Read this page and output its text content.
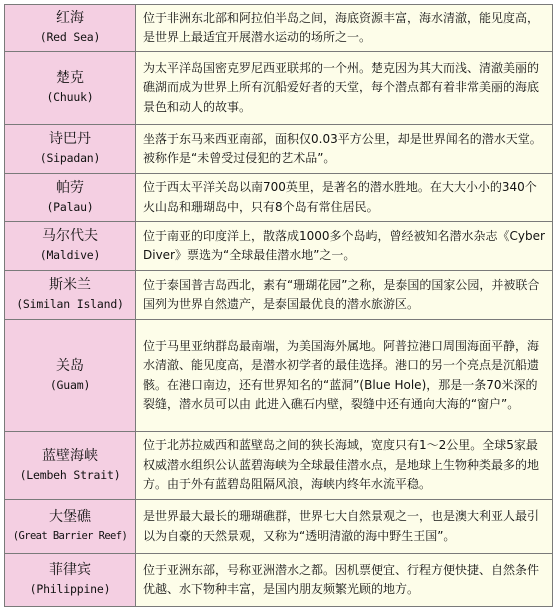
红海
(Red Sea)	位于非洲东北部和阿拉伯半岛之间，海底资源丰富，海水清澈，能见度高，是世界上最适宜开展潜水运动的场所之一。

楚克
(Chuuk)	为太平洋岛国密克罗尼西亚联邦的一个州。楚克因为其大而浅、清澈美丽的礁湖而成为世界上所有沉船爱好者的天堂，每个潜点都有着非常美丽的海底景色和动人的故事。

诗巴丹
(Sipadan)	坐落于东马来西亚南部，面积仅0.03平方公里，却是世界闻名的潜水天堂。被称作是“未曾受过侵犯的艺术品”。

帕劳
(Palau)	位于西太平洋关岛以南700英里，是著名的潜水胜地。在大大小小的340个火山岛和珊瑚岛中，只有8个岛有常住居民。

马尔代夫
(Maldive)	位于南亚的印度洋上，散落成1000多个岛屿，曾经被知名潜水杂志《Cyber Diver》票选为“全球最佳潜水地”之一。

斯米兰
(Similan Island)	位于泰国普吉岛西北，素有“珊瑚花园”之称，是泰国的国家公园，并被联合国列为世界自然遗产，是泰国最优良的潜水旅游区。

关岛
(Guam)	位于马里亚纳群岛最南端，为美国海外属地。阿普拉港口周围海面平静，海水清澈、能见度高，是潜水初学者的最佳选择。港口的另一个亮点是沉船遗骸。在港口南边，还有世界知名的“蓝洞”(Blue Hole)，那是一条70米深的裂缝，潜水员可以由 此进入礁石内壁，裂缝中还有通向大海的“窗户”。

蓝壁海峡
(Lembeh Strait)	位于北苏拉威西和蓝壁岛之间的狭长海域，宽度只有1～2公里。全球5家最权威潜水组织公认蓝碧海峡为全球最佳潜水点，是地球上生物种类最多的地方。由于外有蓝碧岛阻隔风浪，海峡内终年水流平稳。

大堡礁
(Great Barrier Reef)	是世界最大最长的珊瑚礁群，世界七大自然景观之一，也是澳大利亚人最引以为自豪的天然景观，又称为“透明清澈的海中野生王国”。

菲律宾
(Philippine)	位于亚洲东部，号称亚洲潜水之都。因机票便宜、行程方便快捷、自然条件优越、水下物种丰富，是国内朋友频繁光顾的地方。
